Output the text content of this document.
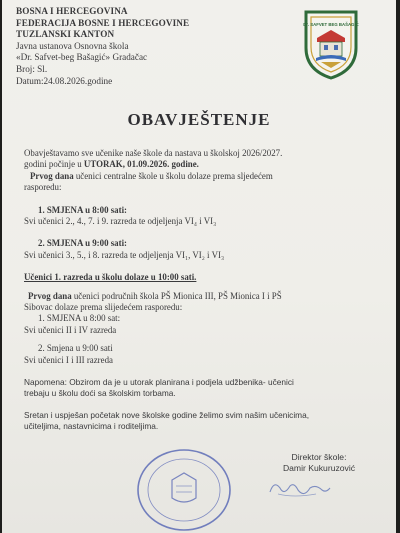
BOSNA I HERCEGOVINA
FEDERACIJA BOSNE I HERCEGOVINE
TUZLANSKI KANTON
Javna ustanova Osnovna škola
«Dr. Safvet-beg Bašagić» Gradačac
Broj: Sl.
Datum:24.08.2026.godine
Dr. SAFVET BEG BAŠAGIĆ
OBAVJEŠTENJE

Obavještavamo sve učenike naše škole da nastava u školskoj 2026/2027.

godini počinje u UTORAK, 01.09.2026. godine.

Prvog dana učenici centralne škole u školu dolaze prema sljedećem

rasporedu:

1. SMJENA u 8:00 sati:

Svi učenici 2., 4., 7. i 9. razreda te odjeljenja VI₄ i VI₃

2. SMJENA u 9:00 sati:

Svi učenici 3., 5., i 8. razreda te odjeljenja VI₁, VI₂ i VI₃

Učenici 1. razreda u školu dolaze u 10:00 sati.

Prvog dana učenici područnih škola PŠ Mionica III, PŠ Mionica I i PŠ

Sibovac dolaze prema slijedećem rasporedu:

1. SMJENA u 8:00 sat:

Svi učenici II i IV razreda

2. Smjena u 9:00 sati

Svi učenici I i III razreda

Napomena: Obzirom da je u utorak planirana i podjela udžbenika- učenici

trebaju u školu doći sa školskim torbama.

Sretan i uspješan početak nove školske godine želimo svim našim učenicima,

učiteljima, nastavnicima i roditeljima.

Direktor škole:
Damir Kukuruzović
